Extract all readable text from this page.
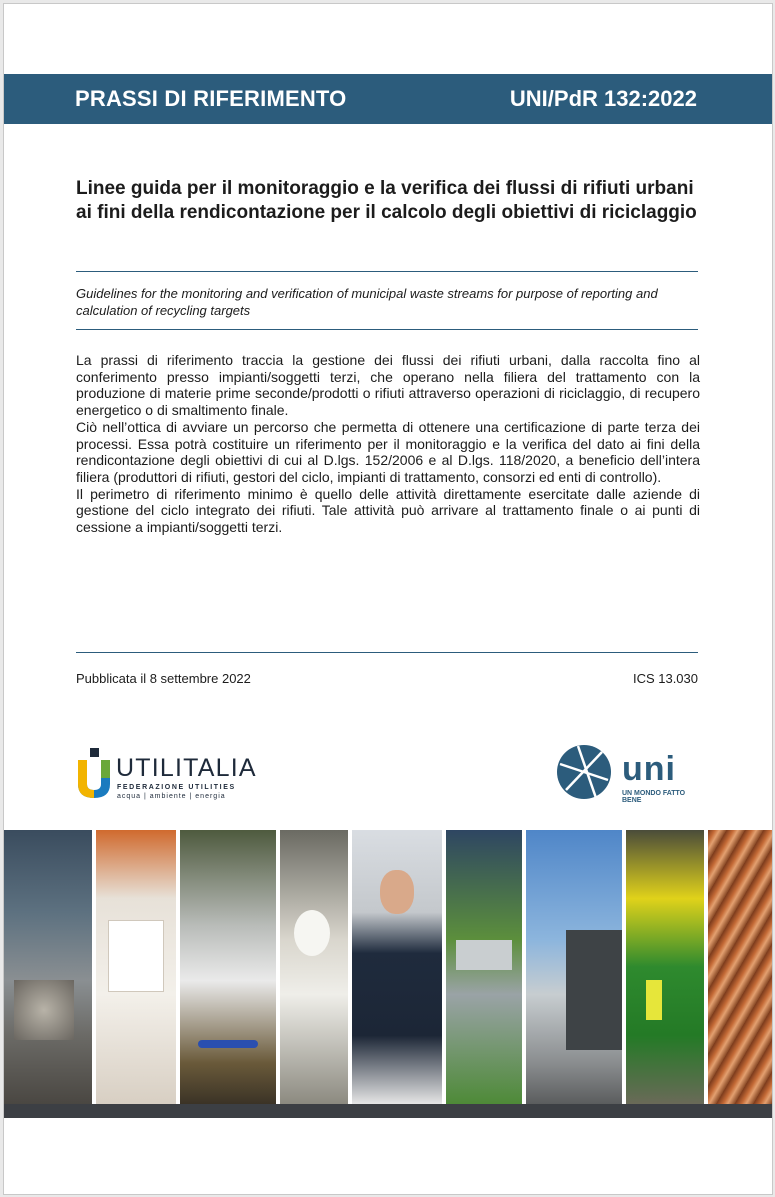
PRASSI DI RIFERIMENTO	UNI/PdR 132:2022
Linee guida per il monitoraggio e la verifica dei flussi di rifiuti urbani ai fini della rendicontazione per il calcolo degli obiettivi di riciclaggio
Guidelines for the monitoring and verification of municipal waste streams for purpose of reporting and calculation of recycling targets

La prassi di riferimento traccia la gestione dei flussi dei rifiuti urbani, dalla raccolta fino al conferimento presso impianti/soggetti terzi, che operano nella filiera del trattamento con la produzione di materie prime seconde/prodotti o rifiuti attraverso operazioni di riciclaggio, di recupero energetico o di smaltimento finale.

Ciò nell’ottica di avviare un percorso che permetta di ottenere una certificazione di parte terza dei processi. Essa potrà costituire un riferimento per il monitoraggio e la verifica del dato ai fini della rendicontazione degli obiettivi di cui al D.lgs. 152/2006 e al D.lgs. 118/2020, a beneficio dell’intera filiera (produttori di rifiuti, gestori del ciclo, impianti di trattamento, consorzi ed enti di controllo).

Il perimetro di riferimento minimo è quello delle attività direttamente esercitate dalle aziende di gestione del ciclo integrato dei rifiuti. Tale attività può arrivare al trattamento finale o ai punti di cessione a impianti/soggetti terzi.

Pubblicata il 8 settembre 2022	ICS 13.030
UTILITALIA
FEDERAZIONE UTILITIES
acqua | ambiente | energia
uni
UN MONDO FATTO BENE
